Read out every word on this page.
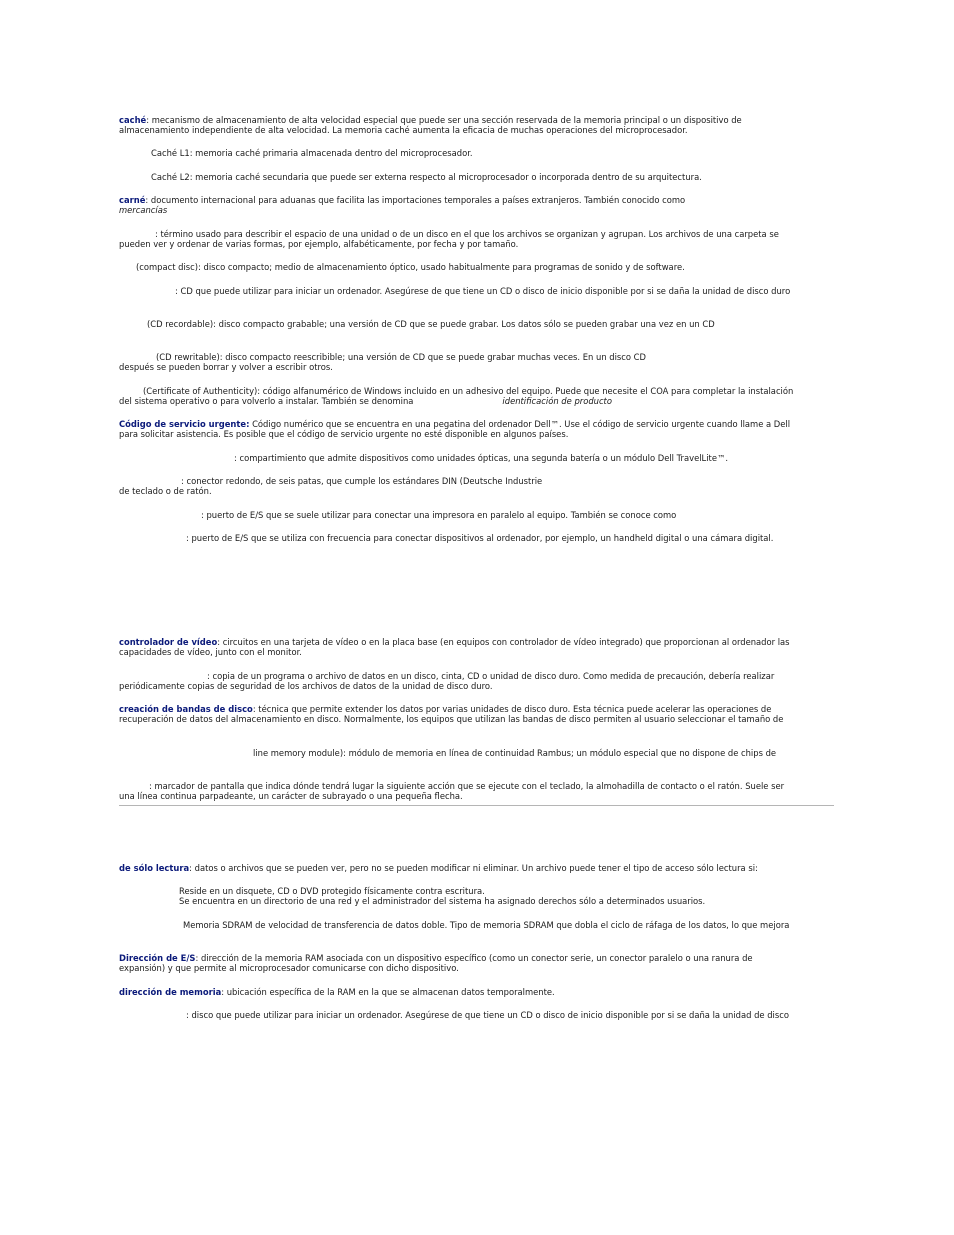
caché: mecanismo de almacenamiento de alta velocidad especial que puede ser una sección reservada de la memoria principal o un dispositivo de
almacenamiento independiente de alta velocidad. La memoria caché aumenta la eficacia de muchas operaciones del microprocesador.

Caché L1: memoria caché primaria almacenada dentro del microprocesador.

Caché L2: memoria caché secundaria que puede ser externa respecto al microprocesador o incorporada dentro de su arquitectura.

carné: documento internacional para aduanas que facilita las importaciones temporales a países extranjeros. También conocido como
mercancías

: término usado para describir el espacio de una unidad o de un disco en el que los archivos se organizan y agrupan. Los archivos de una carpeta se
pueden ver y ordenar de varias formas, por ejemplo, alfabéticamente, por fecha y por tamaño.

(compact disc): disco compacto; medio de almacenamiento óptico, usado habitualmente para programas de sonido y de software.

: CD que puede utilizar para iniciar un ordenador. Asegúrese de que tiene un CD o disco de inicio disponible por si se daña la unidad de disco duro

(CD recordable): disco compacto grabable; una versión de CD que se puede grabar. Los datos sólo se pueden grabar una vez en un CD

(CD rewritable): disco compacto reescribible; una versión de CD que se puede grabar muchas veces. En un disco CD
después se pueden borrar y volver a escribir otros.

(Certificate of Authenticity): código alfanumérico de Windows incluido en un adhesivo del equipo. Puede que necesite el COA para completar la instalación
del sistema operativo o para volverlo a instalar. También se denomina	identificación de producto

Código de servicio urgente: Código numérico que se encuentra en una pegatina del ordenador Dell™. Use el código de servicio urgente cuando llame a Dell
para solicitar asistencia. Es posible que el código de servicio urgente no esté disponible en algunos países.

: compartimiento que admite dispositivos como unidades ópticas, una segunda batería o un módulo Dell TravelLite™.

: conector redondo, de seis patas, que cumple los estándares DIN (Deutsche Industrie
de teclado o de ratón.

: puerto de E/S que se suele utilizar para conectar una impresora en paralelo al equipo. También se conoce como

: puerto de E/S que se utiliza con frecuencia para conectar dispositivos al ordenador, por ejemplo, un handheld digital o una cámara digital.

controlador de vídeo: circuitos en una tarjeta de vídeo o en la placa base (en equipos con controlador de vídeo integrado) que proporcionan al ordenador las
capacidades de vídeo, junto con el monitor.

: copia de un programa o archivo de datos en un disco, cinta, CD o unidad de disco duro. Como medida de precaución, debería realizar
periódicamente copias de seguridad de los archivos de datos de la unidad de disco duro.

creación de bandas de disco: técnica que permite extender los datos por varias unidades de disco duro. Esta técnica puede acelerar las operaciones de
recuperación de datos del almacenamiento en disco. Normalmente, los equipos que utilizan las bandas de disco permiten al usuario seleccionar el tamaño de

line memory module): módulo de memoria en línea de continuidad Rambus; un módulo especial que no dispone de chips de

: marcador de pantalla que indica dónde tendrá lugar la siguiente acción que se ejecute con el teclado, la almohadilla de contacto o el ratón. Suele ser
una línea continua parpadeante, un carácter de subrayado o una pequeña flecha.

de sólo lectura: datos o archivos que se pueden ver, pero no se pueden modificar ni eliminar. Un archivo puede tener el tipo de acceso sólo lectura si:

Reside en un disquete, CD o DVD protegido físicamente contra escritura.

Se encuentra en un directorio de una red y el administrador del sistema ha asignado derechos sólo a determinados usuarios.

Memoria SDRAM de velocidad de transferencia de datos doble. Tipo de memoria SDRAM que dobla el ciclo de ráfaga de los datos, lo que mejora

Dirección de E/S: dirección de la memoria RAM asociada con un dispositivo específico (como un conector serie, un conector paralelo o una ranura de
expansión) y que permite al microprocesador comunicarse con dicho dispositivo.

dirección de memoria: ubicación específica de la RAM en la que se almacenan datos temporalmente.

: disco que puede utilizar para iniciar un ordenador. Asegúrese de que tiene un CD o disco de inicio disponible por si se daña la unidad de disco
